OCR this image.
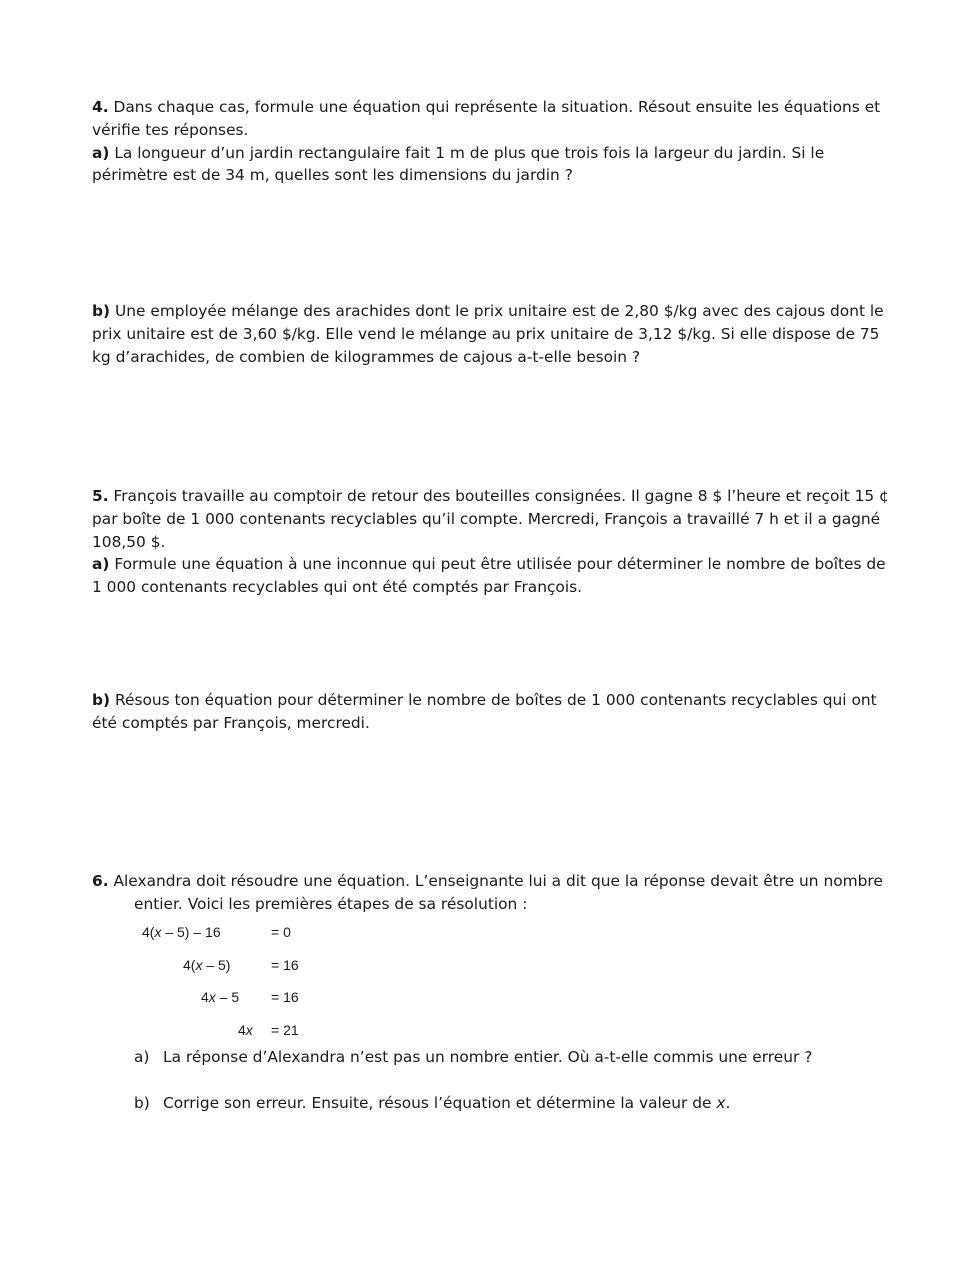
4. Dans chaque cas, formule une équation qui représente la situation. Résout ensuite les équations et vérifie tes réponses.
a) La longueur d’un jardin rectangulaire fait 1 m de plus que trois fois la largeur du jardin. Si le périmètre est de 34 m, quelles sont les dimensions du jardin ?

b) Une employée mélange des arachides dont le prix unitaire est de 2,80 $/kg avec des cajous dont le prix unitaire est de 3,60 $/kg. Elle vend le mélange au prix unitaire de 3,12 $/kg. Si elle dispose de 75 kg d’arachides, de combien de kilogrammes de cajous a-t-elle besoin ?

5. François travaille au comptoir de retour des bouteilles consignées. Il gagne 8 $ l’heure et reçoit 15 ¢ par boîte de 1 000 contenants recyclables qu’il compte. Mercredi, François a travaillé 7 h et il a gagné 108,50 $.
a) Formule une équation à une inconnue qui peut être utilisée pour déterminer le nombre de boîtes de 1 000 contenants recyclables qui ont été comptés par François.

b) Résous ton équation pour déterminer le nombre de boîtes de 1 000 contenants recyclables qui ont été comptés par François, mercredi.

6. Alexandra doit résoudre une équation. L’enseignante lui a dit que la réponse devait être un nombre entier. Voici les premières étapes de sa résolution :

4(x – 5) – 16	= 0
4(x – 5)	= 16
4x – 5 = 16
4x = 21
a) La réponse d’Alexandra n’est pas un nombre entier. Où a-t-elle commis une erreur ?
b) Corrige son erreur. Ensuite, résous l’équation et détermine la valeur de x.
